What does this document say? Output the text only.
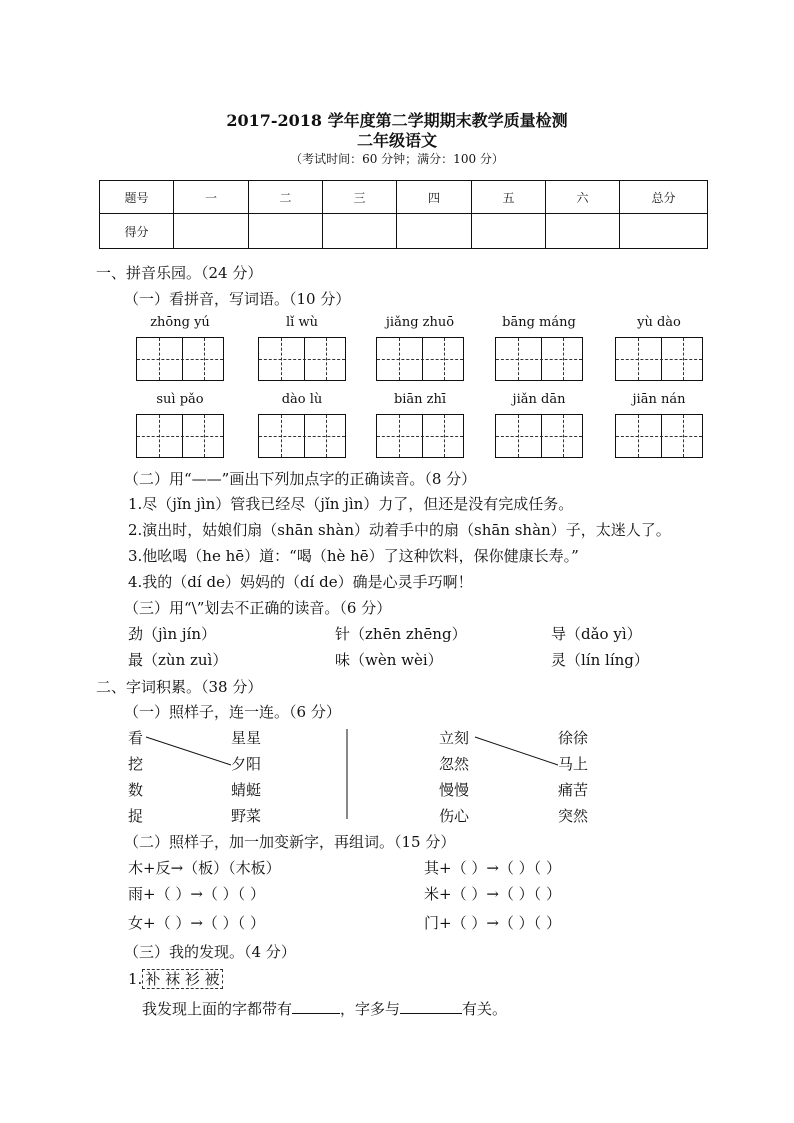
2017-2018 学年度第二学期期末教学质量检测
二年级语文
（考试时间：60 分钟；满分：100 分）
题号	一	二	三	四	五	六	总分
得分							
一、拼音乐园。（24 分）
（一）看拼音，写词语。（10 分）
zhōng yú	lǐ wù	jiǎng zhuō	bāng máng	yù dào
suì pǎo	dào lù	biān zhī	jiǎn dān	jiān nán
（二）用“——”画出下列加点字的正确读音。（8 分）
1.尽（jǐn jìn）管我已经尽（jǐn jìn）力了，但还是没有完成任务。
2.演出时，姑娘们扇（shān shàn）动着手中的扇（shān shàn）子，太迷人了。
3.他吆喝（he hē）道：“喝（hè hē）了这种饮料，保你健康长寿。”
4.我的（dí de）妈妈的（dí de）确是心灵手巧啊！
（三）用“\”划去不正确的读音。（6 分）
劲（jìn jín）	针（zhēn zhēng）	导（dǎo yì）
最（zùn zuì）	味（wèn wèi）	灵（lín líng）
二、字词积累。（38 分）
（一）照样子，连一连。（6 分）
看
挖
数
捉
星星
夕阳
蜻蜓
野菜
立刻
忽然
慢慢
伤心
徐徐
马上
痛苦
突然
（二）照样子，加一加变新字，再组词。（15 分）
木+反→（板）（木板）	其+（ ）→（ ）（ ）
雨+（ ）→（ ）（ ）	米+（ ）→（ ）（ ）
女+（ ）→（ ）（ ）	门+（ ）→（ ）（ ）
（三）我的发现。（4 分）
1. 补 袜 衫 被
我发现上面的字都带有	，字多与	有关。
